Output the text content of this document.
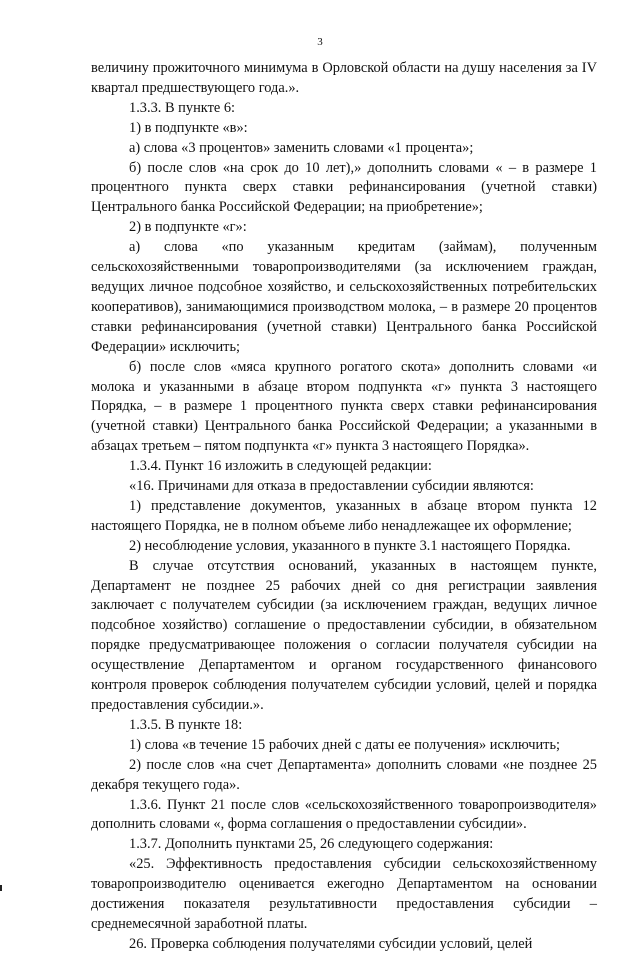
3

величину прожиточного минимума в Орловской области на душу населения за IV квартал предшествующего года.».

1.3.3. В пункте 6:

1) в подпункте «в»:

а) слова «3 процентов» заменить словами «1 процента»;

б) после слов «на срок до 10 лет),» дополнить словами « – в размере 1 процентного пункта сверх ставки рефинансирования (учетной ставки) Центрального банка Российской Федерации; на приобретение»;

2) в подпункте «г»:

а) слова «по указанным кредитам (займам), полученным сельскохозяйственными товаропроизводителями (за исключением граждан, ведущих личное подсобное хозяйство, и сельскохозяйственных потребительских кооперативов), занимающимися производством молока, – в размере 20 процентов ставки рефинансирования (учетной ставки) Центрального банка Российской Федерации» исключить;

б) после слов «мяса крупного рогатого скота» дополнить словами «и молока и указанными в абзаце втором подпункта «г» пункта 3 настоящего Порядка, – в размере 1 процентного пункта сверх ставки рефинансирования (учетной ставки) Центрального банка Российской Федерации; а указанными в абзацах третьем – пятом подпункта «г» пункта 3 настоящего Порядка».

1.3.4. Пункт 16 изложить в следующей редакции:

«16. Причинами для отказа в предоставлении субсидии являются:

1) представление документов, указанных в абзаце втором пункта 12 настоящего Порядка, не в полном объеме либо ненадлежащее их оформление;

2) несоблюдение условия, указанного в пункте 3.1 настоящего Порядка.

В случае отсутствия оснований, указанных в настоящем пункте, Департамент не позднее 25 рабочих дней со дня регистрации заявления заключает с получателем субсидии (за исключением граждан, ведущих личное подсобное хозяйство) соглашение о предоставлении субсидии, в обязательном порядке предусматривающее положения о согласии получателя субсидии на осуществление Департаментом и органом государственного финансового контроля проверок соблюдения получателем субсидии условий, целей и порядка предоставления субсидии.».

1.3.5. В пункте 18:

1) слова «в течение 15 рабочих дней с даты ее получения» исключить;

2) после слов «на счет Департамента» дополнить словами «не позднее 25 декабря текущего года».

1.3.6. Пункт 21 после слов «сельскохозяйственного товаропроизводителя» дополнить словами «, форма соглашения о предоставлении субсидии».

1.3.7. Дополнить пунктами 25, 26 следующего содержания:

«25. Эффективность предоставления субсидии сельскохозяйственному товаропроизводителю оценивается ежегодно Департаментом на основании достижения показателя результативности предоставления субсидии – среднемесячной заработной платы.

26. Проверка соблюдения получателями субсидии условий, целей
